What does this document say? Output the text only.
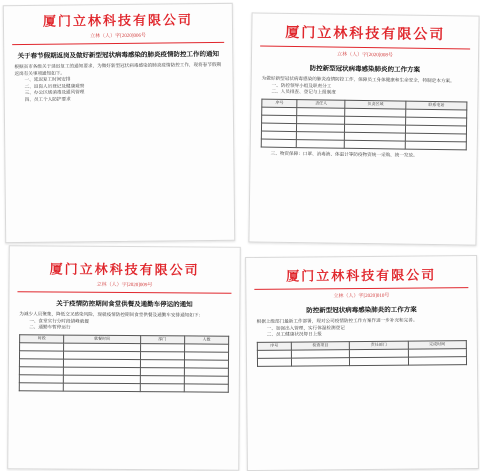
厦门立林科技有限公司
立林（人）字[2020]006号
关于春节假期返岗及做好新型冠状病毒感染的肺炎疫情防控工作的通知
根据省市各级关于延迟复工的通知要求，为做好新型冠状病毒感染的肺炎疫情防控工作，现将春节假期返岗有关事项通知如下。
一、延迟复工时间安排
二、返岗人员登记及健康观察
三、办公区域消毒及通风管理
四、员工个人防护要求
厦门立林科技有限公司
立林（人）字[2020]008号
防控新型冠状病毒感染肺炎的工作方案
为做好新型冠状病毒感染的肺炎疫情防控工作，保障员工身体健康和生命安全，特制定本方案。
一、防控领导小组及职责分工
二、人员排查、登记与上报制度
序号	责任人	负责区域	联系电话

三、物资保障：口罩、消毒液、体温计等防疫物资统一采购、统一发放。
厦门立林科技有限公司
立林（人）字[2020]009号
关于疫情防控期间食堂供餐及通勤车停运的通知
为减少人员聚集，降低交叉感染风险，现就疫情防控期间食堂供餐及通勤车安排通知如下：
一、食堂实行分时段错峰就餐
二、通勤车暂停运行
时段	就餐时间	部门	人数

厦门立林科技有限公司
立林（人）字[2020]010号
防控新型冠状病毒感染肺炎的工作方案
根据上级部门最新工作部署，现对公司疫情防控工作方案作进一步补充和完善。
一、加强出入管理，实行体温检测登记
二、员工健康状况每日上报
序号	检查项目	责任部门	完成时间
